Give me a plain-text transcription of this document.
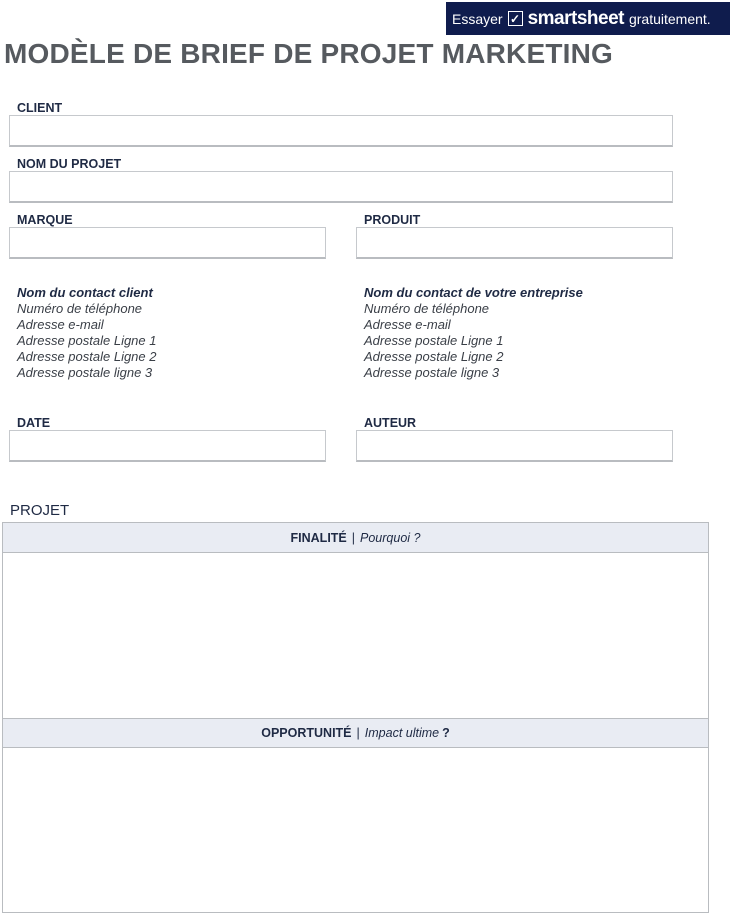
Essayer ✓ smartsheet gratuitement.
MODÈLE DE BRIEF DE PROJET MARKETING
CLIENT
NOM DU PROJET
MARQUE	PRODUIT
Nom du contact client
Numéro de téléphone
Adresse e-mail
Adresse postale Ligne 1
Adresse postale Ligne 2
Adresse postale ligne 3
Nom du contact de votre entreprise
Numéro de téléphone
Adresse e-mail
Adresse postale Ligne 1
Adresse postale Ligne 2
Adresse postale ligne 3
DATE	AUTEUR
PROJET
FINALITÉ | Pourquoi ?
OPPORTUNITÉ | Impact ultime ?
